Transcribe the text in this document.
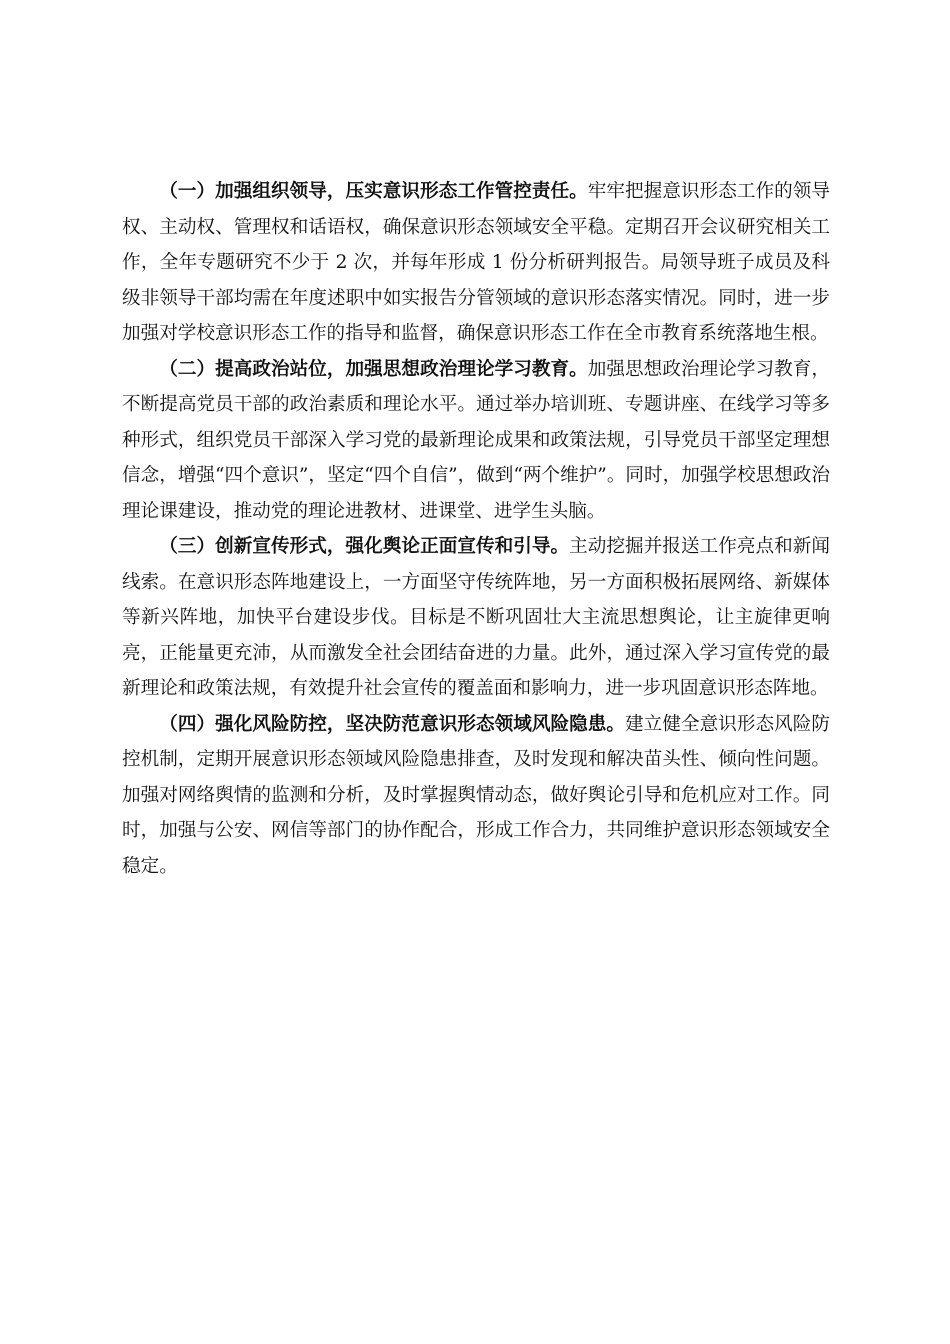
（一）加强组织领导，压实意识形态工作管控责任。牢牢把握意识形态工作的领导权、主动权、管理权和话语权，确保意识形态领域安全平稳。定期召开会议研究相关工作，全年专题研究不少于 2 次，并每年形成 1 份分析研判报告。局领导班子成员及科级非领导干部均需在年度述职中如实报告分管领域的意识形态落实情况。同时，进一步加强对学校意识形态工作的指导和监督，确保意识形态工作在全市教育系统落地生根。

（二）提高政治站位，加强思想政治理论学习教育。加强思想政治理论学习教育，不断提高党员干部的政治素质和理论水平。通过举办培训班、专题讲座、在线学习等多种形式，组织党员干部深入学习党的最新理论成果和政策法规，引导党员干部坚定理想信念，增强“四个意识”，坚定“四个自信”，做到“两个维护”。同时，加强学校思想政治理论课建设，推动党的理论进教材、进课堂、进学生头脑。

（三）创新宣传形式，强化舆论正面宣传和引导。主动挖掘并报送工作亮点和新闻线索。在意识形态阵地建设上，一方面坚守传统阵地，另一方面积极拓展网络、新媒体等新兴阵地，加快平台建设步伐。目标是不断巩固壮大主流思想舆论，让主旋律更响亮，正能量更充沛，从而激发全社会团结奋进的力量。此外，通过深入学习宣传党的最新理论和政策法规，有效提升社会宣传的覆盖面和影响力，进一步巩固意识形态阵地。

（四）强化风险防控，坚决防范意识形态领域风险隐患。建立健全意识形态风险防控机制，定期开展意识形态领域风险隐患排查，及时发现和解决苗头性、倾向性问题。加强对网络舆情的监测和分析，及时掌握舆情动态，做好舆论引导和危机应对工作。同时，加强与公安、网信等部门的协作配合，形成工作合力，共同维护意识形态领域安全稳定。
